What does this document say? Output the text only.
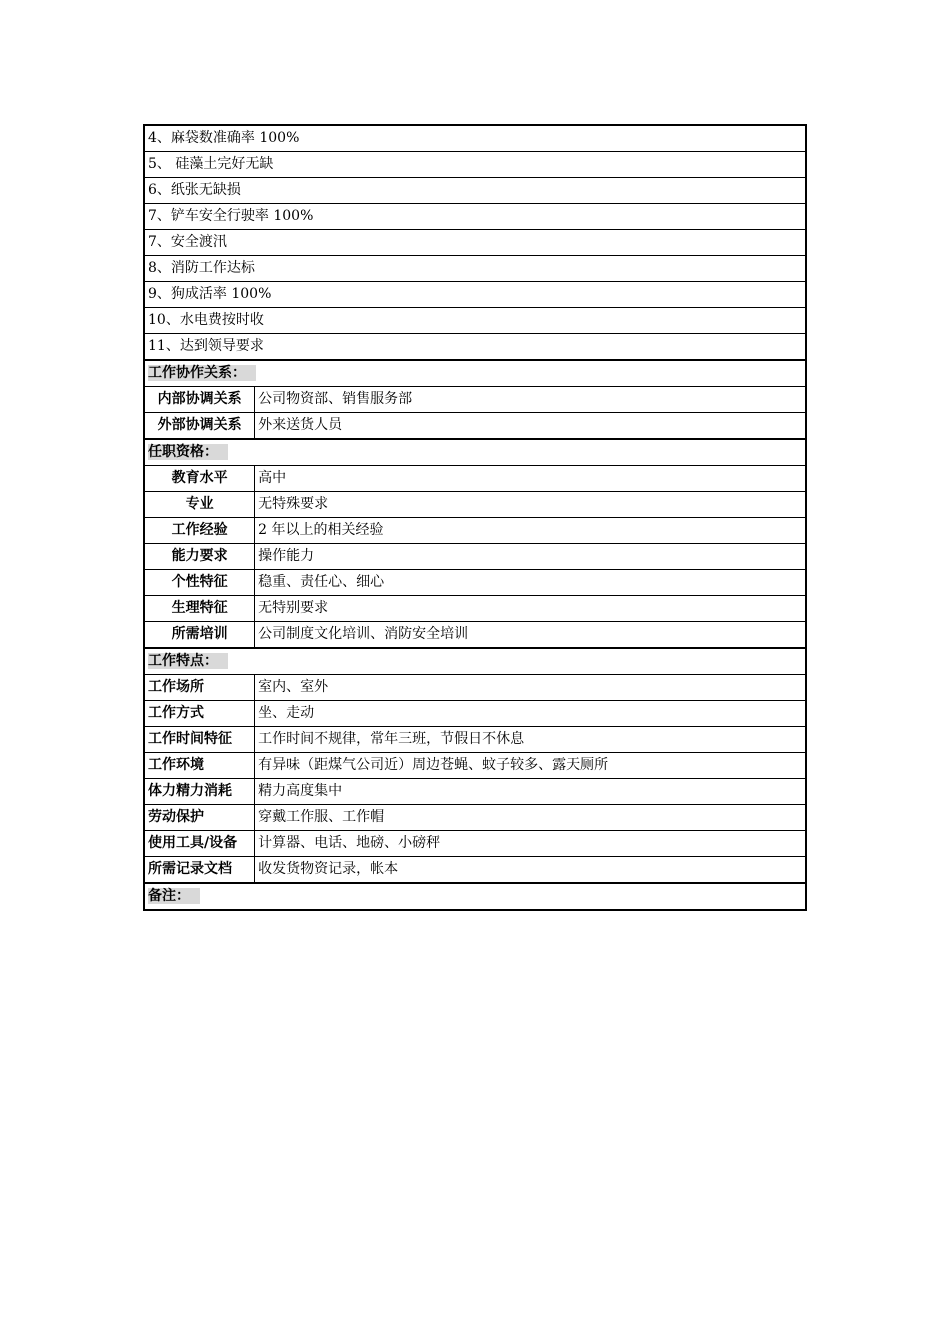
4、麻袋数准确率 100%	
5、 硅藻土完好无缺	
6、纸张无缺损	
7、铲车安全行驶率 100%	
7、安全渡汛	
8、消防工作达标	
9、狗成活率 100%	
10、水电费按时收	
11、达到领导要求	
工作协作关系：	
内部协调关系	公司物资部、销售服务部
外部协调关系	外来送货人员
任职资格：	
教育水平	高中
专业	无特殊要求
工作经验	2 年以上的相关经验
能力要求	操作能力
个性特征	稳重、责任心、细心
生理特征	无特别要求
所需培训	公司制度文化培训、消防安全培训
工作特点：	
工作场所	室内、室外
工作方式	坐、走动
工作时间特征	工作时间不规律，常年三班，节假日不休息
工作环境	有异味（距煤气公司近）周边苍蝇、蚊子较多、露天厕所
体力精力消耗	精力高度集中
劳动保护	穿戴工作服、工作帽
使用工具/设备	计算器、电话、地磅、小磅秤
所需记录文档	收发货物资记录，帐本
备注：	
